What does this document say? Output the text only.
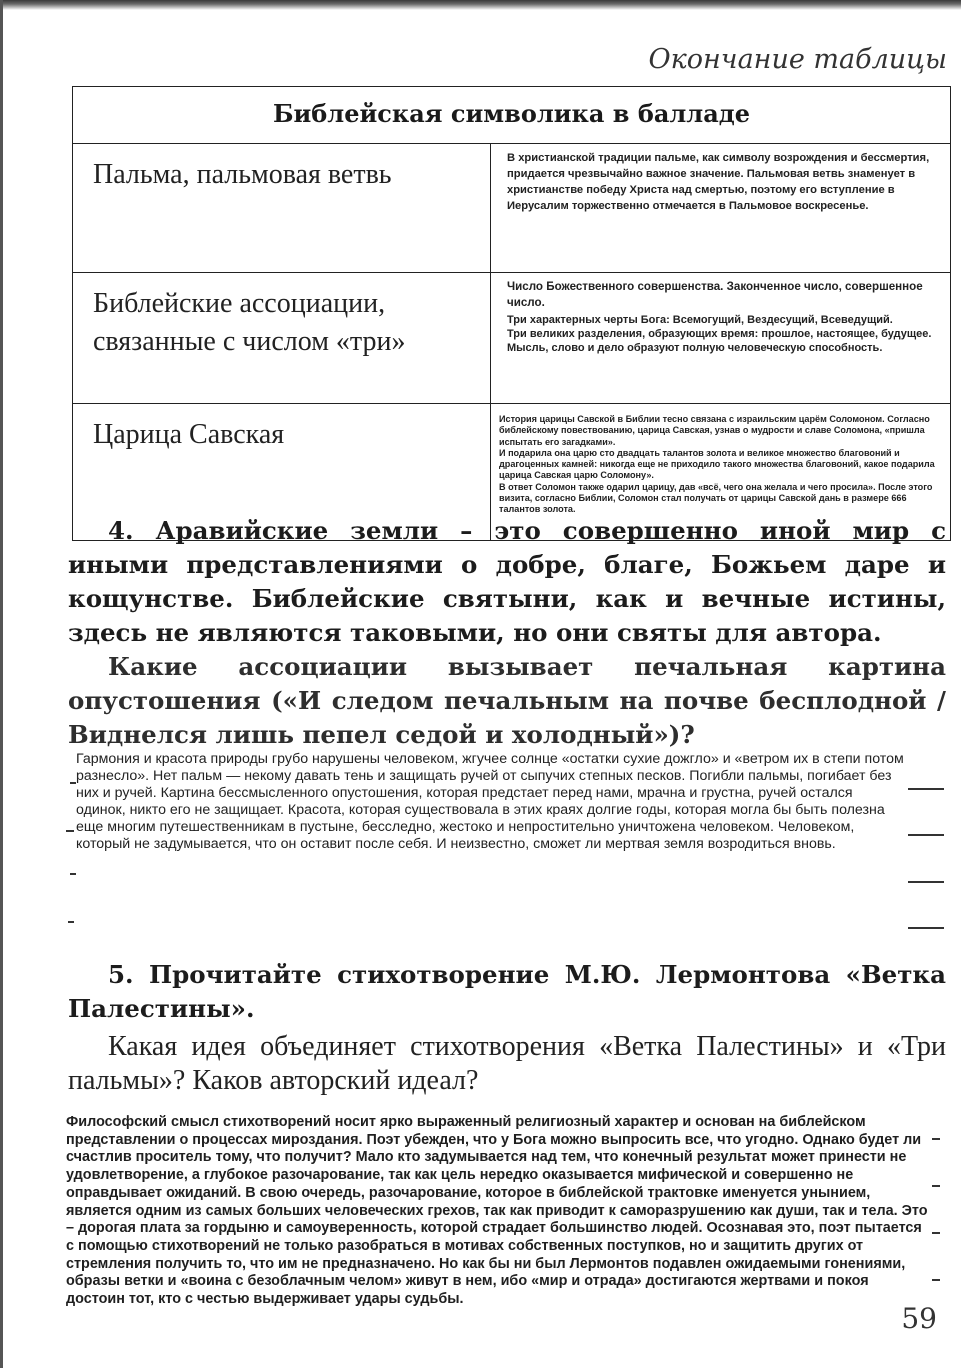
Окончание таблицы
Библейская символика в балладе	
Пальма, пальмовая ветвь	В христианской традиции пальме, как символу возрождения и бессмертия, придается чрезвычайно важное значение. Пальмовая ветвь знаменует в христианстве победу Христа над смертью, поэтому его вступление в Иерусалим торжественно отмечается в Пальмовое воскресенье.
Библейские ассоциации, связанные с числом «три»	Число Божественного совершенства. Законченное число, совершенное число.

Три характерных черты Бога: Всемогущий, Вездесущий, Всеведущий.

Три великих разделения, образующих время: прошлое, настоящее, будущее.

Мысль, слово и дело образуют полную человеческую способность.

Царица Савская	История царицы Савской в Библии тесно связана с израильским царём Соломоном. Согласно библейскому повествованию, царица Савская, узнав о мудрости и славе Соломона, «пришла испытать его загадками».

И подарила она царю сто двадцать талантов золота и великое множество благовоний и драгоценных камней: никогда еще не приходило такого множества благовоний, какое подарила царица Савская царю Соломону».

В ответ Соломон также одарил царицу, дав «всё, чего она желала и чего просила». После этого визита, согласно Библии, Соломон стал получать от царицы Савской дань в размере 666 талантов золота.

4. Аравийские земли – это совершенно иной мир с иными представлениями о добре, благе, Божьем даре и кощунстве. Библейские святыни, как и вечные истины, здесь не являются таковыми, но они святы для автора.

Какие ассоциации вызывает печальная картина опустошения («И следом печальным на почве бесплодной / Виднелся лишь пепел седой и холодный»)?

Гармония и красота природы грубо нарушены человеком, жгучее солнце «остатки сухие дожгло» и «ветром их в степи потом разнесло». Нет пальм — некому давать тень и защищать ручей от сыпучих степных песков. Погибли пальмы, погибает без них и ручей. Картина бессмысленного опустошения, которая предстает перед нами, мрачна и грустна, ручей остался одинок, никто его не защищает. Красота, которая существовала в этих краях долгие годы, которая могла бы быть полезна еще многим путешественникам в пустыне, бесследно, жестоко и непростительно уничтожена человеком. Человеком, который не задумывается, что он оставит после себя. И неизвестно, сможет ли мертвая земля возродиться вновь.

5. Прочитайте стихотворение М.Ю. Лермонтова «Ветка Палестины».

Какая идея объединяет стихотворения «Ветка Палестины» и «Три пальмы»? Каков авторский идеал?
Философский смысл стихотворений носит ярко выраженный религиозный характер и основан на библейском представлении о процессах мироздания. Поэт убежден, что у Бога можно выпросить все, что угодно. Однако будет ли счастлив проситель тому, что получит? Мало кто задумывается над тем, что конечный результат может принести не удовлетворение, а глубокое разочарование, так как цель нередко оказывается мифической и совершенно не оправдывает ожиданий. В свою очередь, разочарование, которое в библейской трактовке именуется унынием, является одним из самых больших человеческих грехов, так как приводит к саморазрушению как души, так и тела. Это – дорогая плата за гордыню и самоуверенность, которой страдает большинство людей. Осознавая это, поэт пытается с помощью стихотворений не только разобраться в мотивах собственных поступков, но и защитить других от стремления получить то, что им не предназначено. Но как бы ни был Лермонтов подавлен ожидаемыми гонениями, образы ветки и «воина с безоблачным челом» живут в нем, ибо «мир и отрада» достигаются жертвами и покоя достоин тот, кто с честью выдерживает удары судьбы.
59
